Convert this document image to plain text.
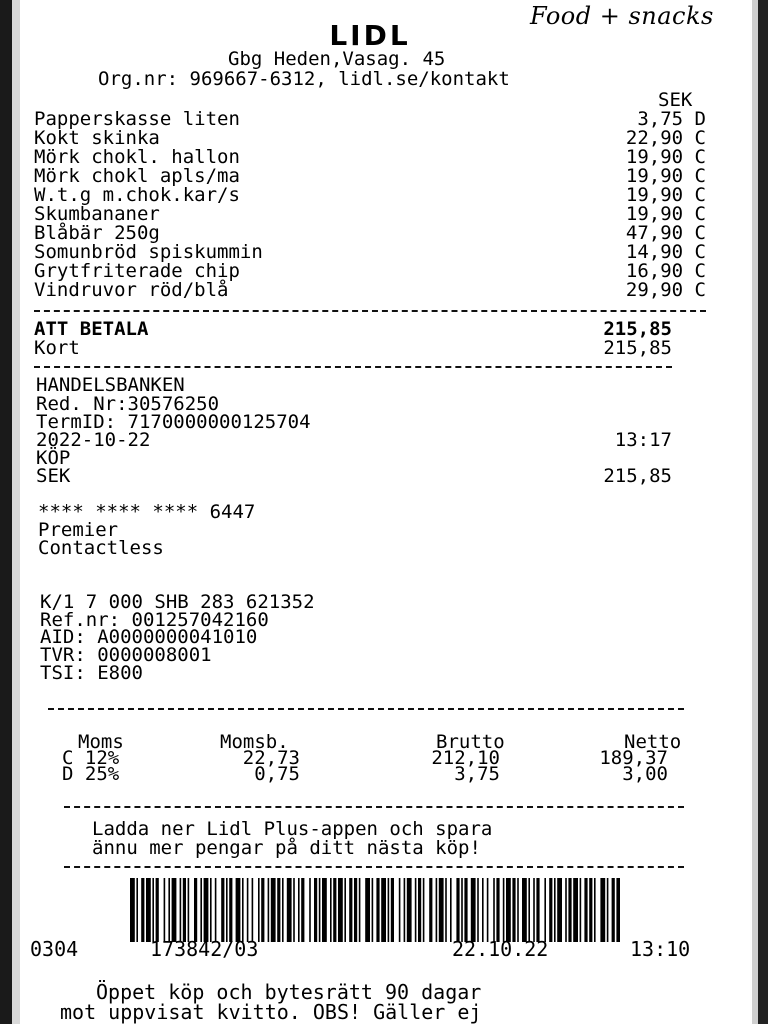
Food + snacks
LIDL
Gbg Heden,Vasag. 45
Org.nr: 969667-6312, lidl.se/kontakt
SEK
Papperskasse liten	3,75 D
Kokt skinka	22,90 C
Mörk chokl. hallon	19,90 C
Mörk chokl apls/ma	19,90 C
W.t.g m.chok.kar/s	19,90 C
Skumbananer	19,90 C
Blåbär 250g	47,90 C
Somunbröd spiskummin	14,90 C
Grytfriterade chip	16,90 C
Vindruvor röd/blå	29,90 C
ATT BETALA	215,85
Kort	215,85
HANDELSBANKEN
Red. Nr:30576250
TermID: 7170000000125704
2022-10-22	13:17
KÖP
SEK	215,85
**** **** **** 6447
Premier
Contactless
K/1 7 000 SHB 283 621352
Ref.nr: 001257042160
AID: A0000000041010
TVR: 0000008001
TSI: E800
Moms	Momsb.	Brutto	Netto
C 12%	22,73	212,10	189,37
D 25%	0,75	3,75	3,00
Ladda ner Lidl Plus-appen och spara
ännu mer pengar på ditt nästa köp!
0304	173842/03	22.10.22	13:10
Öppet köp och bytesrätt 90 dagar
mot uppvisat kvitto. OBS! Gäller ej
